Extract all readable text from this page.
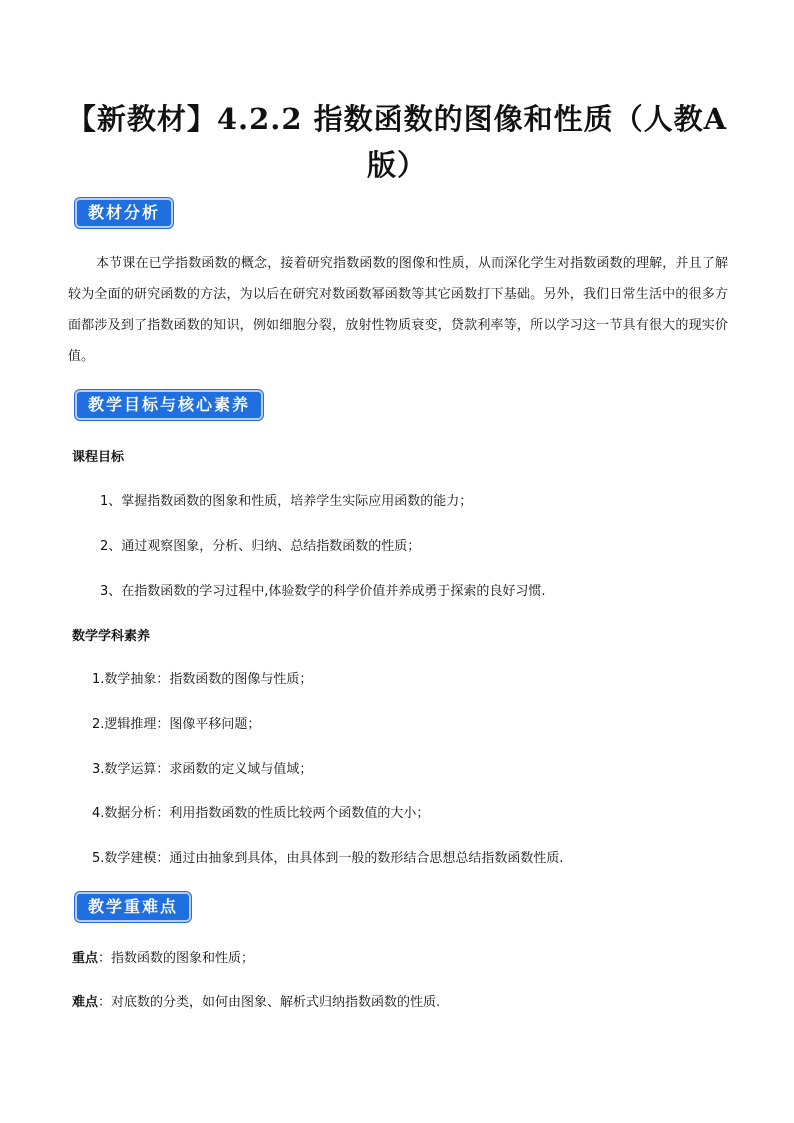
【新教材】4.2.2 指数函数的图像和性质（人教A版）
教材分析

本节课在已学指数函数的概念，接着研究指数函数的图像和性质，从而深化学生对指数函数的理解，并且了解较为全面的研究函数的方法，为以后在研究对数函数幂函数等其它函数打下基础。另外，我们日常生活中的很多方面都涉及到了指数函数的知识，例如细胞分裂，放射性物质衰变，贷款利率等，所以学习这一节具有很大的现实价值。

教学目标与核心素养

课程目标

1、掌握指数函数的图象和性质，培养学生实际应用函数的能力；

2、通过观察图象，分析、归纳、总结指数函数的性质；

3、在指数函数的学习过程中,体验数学的科学价值并养成勇于探索的良好习惯.

数学学科素养

1.数学抽象：指数函数的图像与性质；

2.逻辑推理：图像平移问题；

3.数学运算：求函数的定义域与值域；

4.数据分析：利用指数函数的性质比较两个函数值的大小；

5.数学建模：通过由抽象到具体，由具体到一般的数形结合思想总结指数函数性质.

教学重难点

重点：指数函数的图象和性质；

难点：对底数的分类，如何由图象、解析式归纳指数函数的性质.
